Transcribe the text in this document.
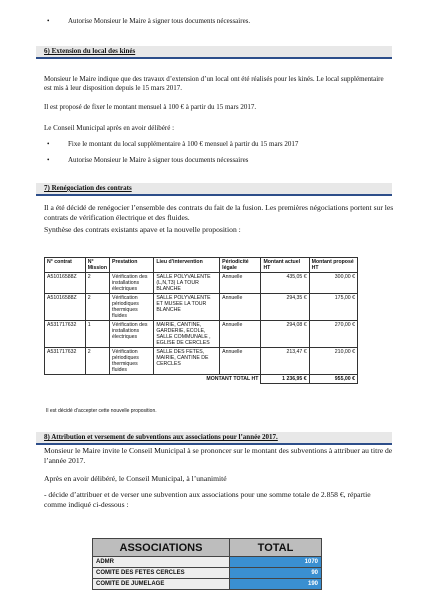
•	Autorise Monsieur le Maire à signer tous documents nécessaires.
6) Extension du local des kinés
Monsieur le Maire indique que des travaux d’extension d’un local ont été réalisés pour les kinés. Le local supplémentaire est mis à leur disposition depuis le 15 mars 2017.
Il est proposé de fixer le montant mensuel à 100 € à partir du 15 mars 2017.
Le Conseil Municipal après en avoir délibéré :
•	Fixe le montant du local supplémentaire à 100 € mensuel à partir du 15 mars 2017
•	Autorise Monsieur le Maire à signer tous documents nécessaires
7) Renégociation des contrats
Il a été décidé de renégocier l’ensemble des contrats du fait de la fusion. Les premières négociations portent sur les contrats de vérification électrique et des fluides.
Synthèse des contrats existants apave et la nouvelle proposition :
N° contrat	N° Mission	Prestation	Lieu d’intervention	Périodicité légale	Montant actuel HT	Montant proposé HT
A51016588Z	2	Vérification des installations électriques	SALLE POLYVALENTE (L,N,T3) LA TOUR BLANCHE	Annuelle	435,05 €	300,00 €
A51016588Z	2	Vérification périodiques thermiques fluides	SALLE POLYVALENTE ET MUSEE LA TOUR BLANCHE	Annuelle	294,35 €	175,00 €
A531717632	1	Vérification des installations électriques	MAIRIE, CANTINE, GARDERIE, ECOLE, SALLE COMMUNALE , EGLISE DE CERCLES	Annuelle	294,08 €	270,00 €
A531717632	2	Vérification périodiques thermiques fluides	SALLE DES FETES, MAIRIE, CANTINE DE CERCLES	Annuelle	213,47 €	210,00 €
MONTANT TOTAL HT					1 236,95 €	955,00 €
Il est décidé d’accepter cette nouvelle proposition.
8) Attribution et versement de subventions aux associations pour l’année 2017.
Monsieur le Maire invite le Conseil Municipal à se prononcer sur le montant des subventions à attribuer au titre de l’année 2017.
Après en avoir délibéré, le Conseil Municipal, à l’unanimité
- décide d’attribuer et de verser une subvention aux associations pour une somme totale de 2.858 €, répartie comme indiqué ci-dessous :
ASSOCIATIONS	TOTAL
ADMR	1070
COMITE DES FETES CERCLES	90
COMITE DE JUMELAGE	190
